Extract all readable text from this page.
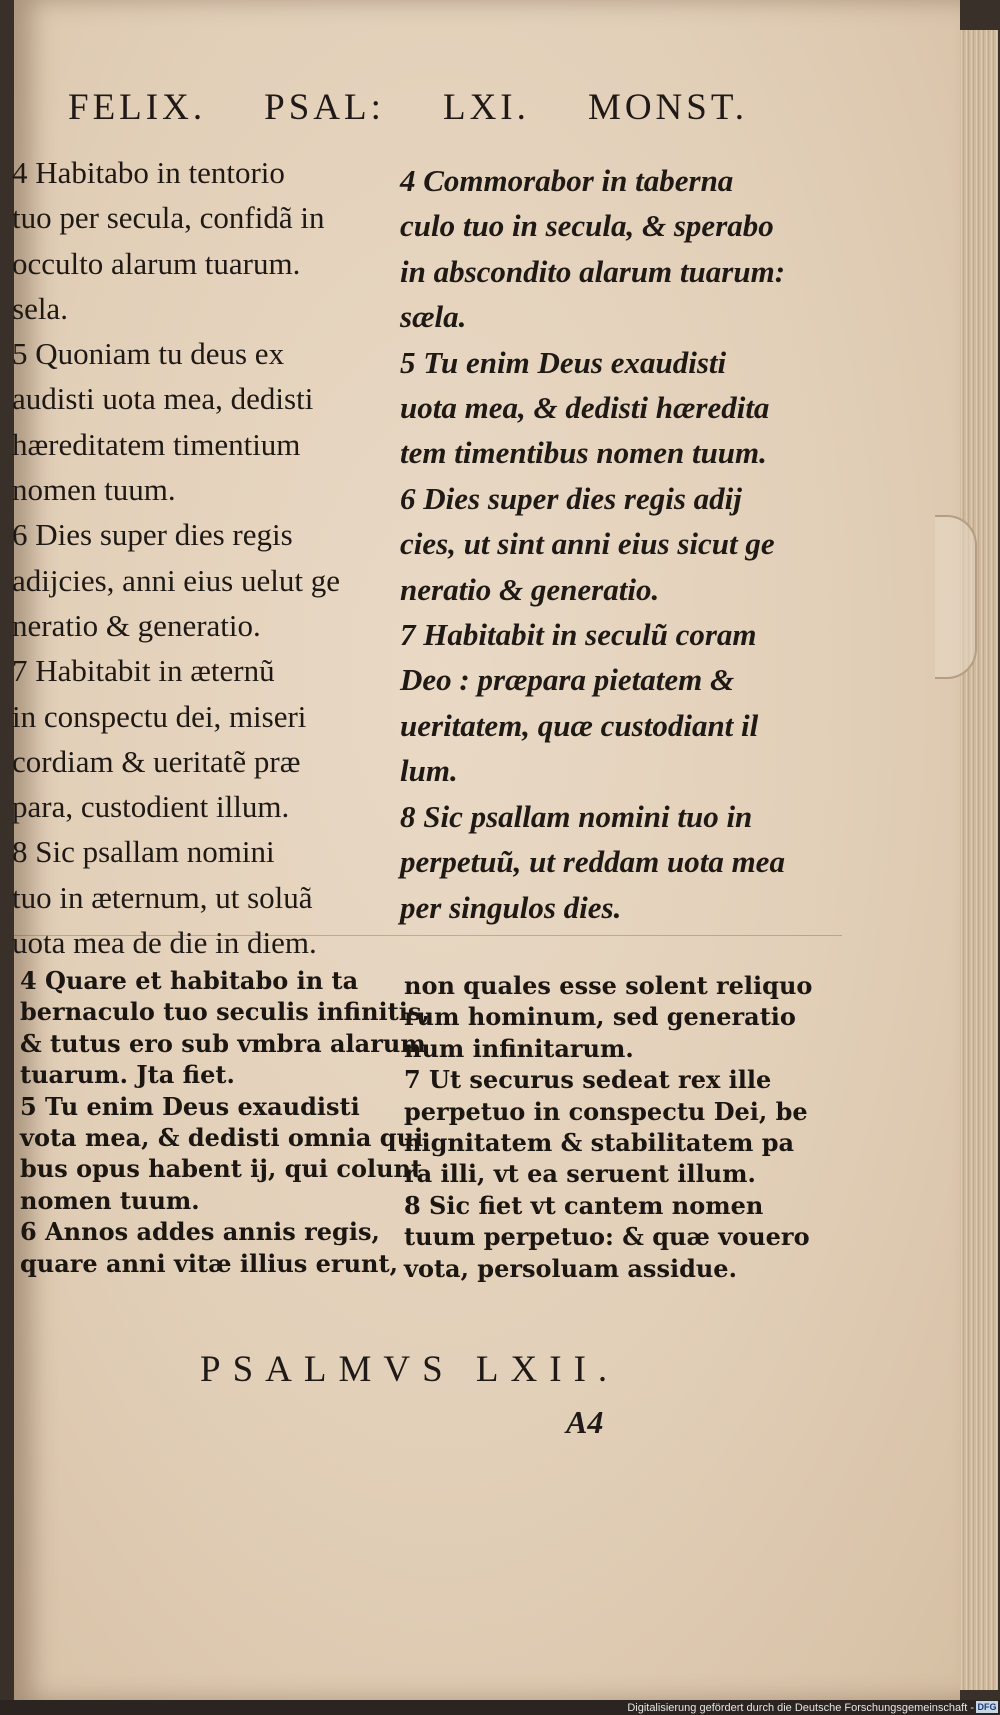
FELIX. PSAL: LXI. MONST.
4 Habitabo in tentorio
tuo per secula, confidã in
occulto alarum tuarum.
sela.
5 Quoniam tu deus ex
audisti uota mea, dedisti
hæreditatem timentium
nomen tuum.
6 Dies super dies regis
adijcies, anni eius uelut ge
neratio & generatio.
7 Habitabit in æternũ
in conspectu dei, miseri
cordiam & ueritatẽ præ
para, custodient illum.
8 Sic psallam nomini
tuo in æternum, ut soluã
uota mea de die in diem.
4 Commorabor in taberna
culo tuo in secula, & sperabo
in abscondito alarum tuarum:
sæla.
5 Tu enim Deus exaudisti
uota mea, & dedisti hæredita
tem timentibus nomen tuum.
6 Dies super dies regis adij
cies, ut sint anni eius sicut ge
neratio & generatio.
7 Habitabit in seculũ coram
Deo : præpara pietatem &
ueritatem, quæ custodiant il
lum.
8 Sic psallam nomini tuo in
perpetuũ, ut reddam uota mea
per singulos dies.
4 Quare et habitabo in ta
bernaculo tuo seculis infinitis,
& tutus ero sub vmbra alarum
tuarum. Jta fiet.
5 Tu enim Deus exaudisti
vota mea, & dedisti omnia qui
bus opus habent ij, qui colunt
nomen tuum.
6 Annos addes annis regis,
quare anni vitæ illius erunt,
non quales esse solent reliquo
rum hominum, sed generatio
num infinitarum.
7 Ut securus sedeat rex ille
perpetuo in conspectu Dei, be
nignitatem & stabilitatem pa
ra illi, vt ea seruent illum.
8 Sic fiet vt cantem nomen
tuum perpetuo: & quæ vouero
vota, persoluam assidue.
PSALMVS LXII.
A4
Digitalisierung gefördert durch die Deutsche Forschungsgemeinschaft - DFG
